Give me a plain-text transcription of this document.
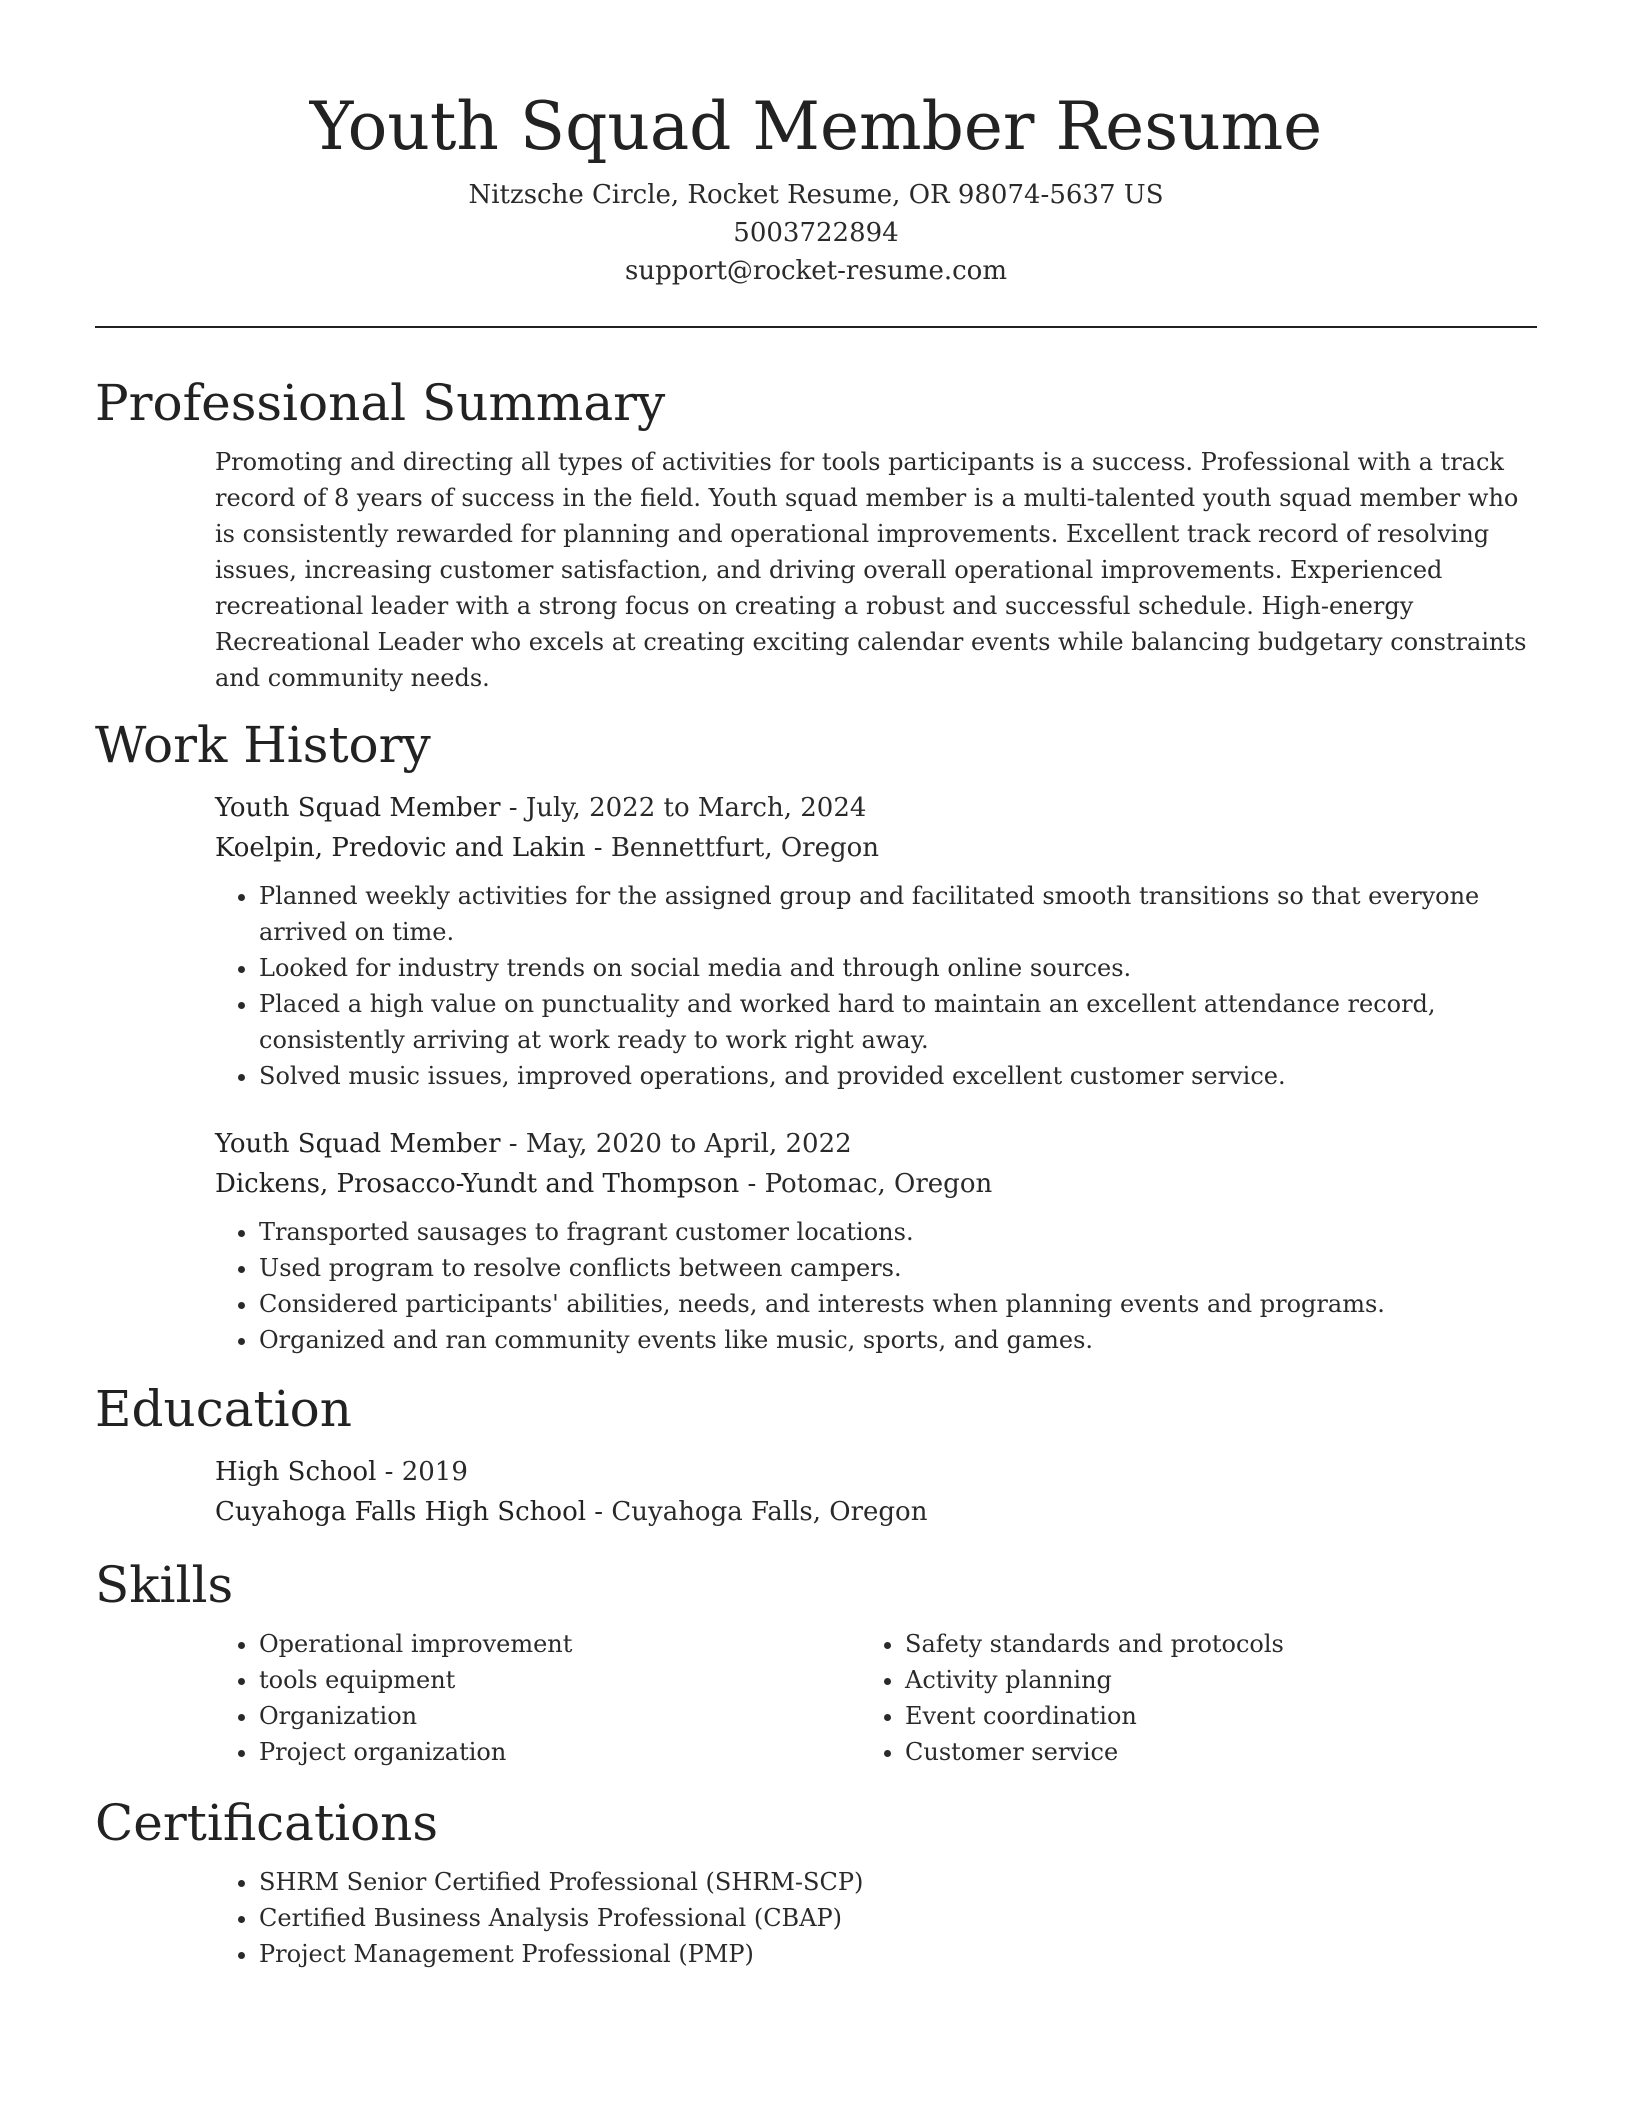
Youth Squad Member Resume

Nitzsche Circle, Rocket Resume, OR 98074-5637 US

5003722894

support@rocket-resume.com

Professional Summary

Promoting and directing all types of activities for tools participants is a success. Professional with a track record of 8 years of success in the field. Youth squad member is a multi-talented youth squad member who is consistently rewarded for planning and operational improvements. Excellent track record of resolving issues, increasing customer satisfaction, and driving overall operational improvements. Experienced recreational leader with a strong focus on creating a robust and successful schedule. High-energy Recreational Leader who excels at creating exciting calendar events while balancing budgetary constraints and community needs.

Work History

Youth Squad Member - July, 2022 to March, 2024

Koelpin, Predovic and Lakin - Bennettfurt, Oregon

• Planned weekly activities for the assigned group and facilitated smooth transitions so that everyone arrived on time.
• Looked for industry trends on social media and through online sources.
• Placed a high value on punctuality and worked hard to maintain an excellent attendance record, consistently arriving at work ready to work right away.
• Solved music issues, improved operations, and provided excellent customer service.

Youth Squad Member - May, 2020 to April, 2022

Dickens, Prosacco-Yundt and Thompson - Potomac, Oregon

• Transported sausages to fragrant customer locations.
• Used program to resolve conflicts between campers.
• Considered participants' abilities, needs, and interests when planning events and programs.
• Organized and ran community events like music, sports, and games.
Education

High School - 2019

Cuyahoga Falls High School - Cuyahoga Falls, Oregon

Skills
• Operational improvement
• tools equipment
• Organization
• Project organization
• Safety standards and protocols
• Activity planning
• Event coordination
• Customer service
Certifications
• SHRM Senior Certified Professional (SHRM-SCP)
• Certified Business Analysis Professional (CBAP)
• Project Management Professional (PMP)
